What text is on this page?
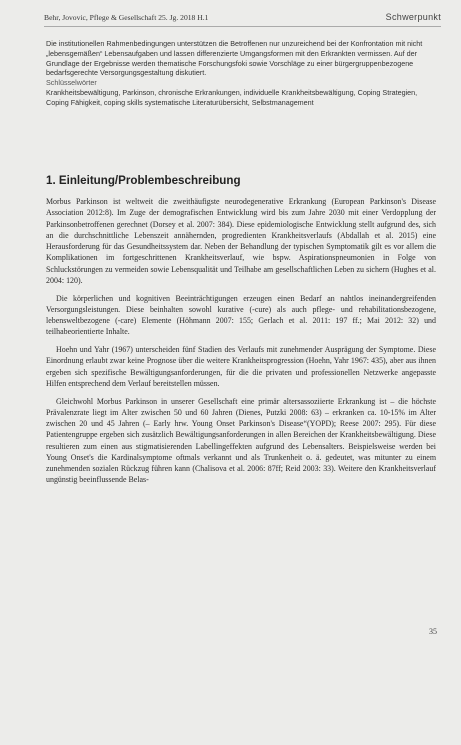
Behr, Jovovic, Pflege & Gesellschaft 25. Jg. 2018 H.1	Schwerpunkt

Die institutionellen Rahmenbedingungen unterstützen die Betroffenen nur unzureichend bei der Konfrontation mit nicht „lebensgemäßen“ Lebensaufgaben und lassen differenzierte Umgangsformen mit den Erkrankten vermissen. Auf der Grundlage der Ergebnisse werden thematische Forschungsfoki sowie Vorschläge zu einer bürgergruppenbezogene bedarfsgerechte Versorgungsgestaltung diskutiert.

Schlüsselwörter

Krankheitsbewältigung, Parkinson, chronische Erkrankungen, individuelle Krankheitsbewältigung, Coping Strategien, Coping Fähigkeit, coping skills systematische Literaturübersicht, Selbstmanagement

1. Einleitung/Problembeschreibung

Morbus Parkinson ist weltweit die zweithäufigste neurodegenerative Erkrankung (European Parkinson's Disease Association 2012:8). Im Zuge der demografischen Entwicklung wird bis zum Jahre 2030 mit einer Verdopplung der Parkinsonbetroffenen gerechnet (Dorsey et al. 2007: 384). Diese epidemiologische Entwicklung stellt aufgrund des, sich an die durchschnittliche Lebenszeit annähernden, progredienten Krankheitsverlaufs (Abdallah et al. 2015) eine Herausforderung für das Gesundheitssystem dar. Neben der Behandlung der typischen Symptomatik gilt es vor allem die Komplikationen im fortgeschrittenen Krankheitsverlauf, wie bspw. Aspirationspneumonien in Folge von Schluckstörungen zu vermeiden sowie Lebensqualität und Teilhabe am gesellschaftlichen Leben zu sichern (Hughes et al. 2004: 120).

Die körperlichen und kognitiven Beeinträchtigungen erzeugen einen Bedarf an nahtlos ineinandergreifenden Versorgungsleistungen. Diese beinhalten sowohl kurative (-cure) als auch pflege- und rehabilitationsbezogene, lebensweltbezogene (-care) Elemente (Höhmann 2007: 155; Gerlach et al. 2011: 197 ff.; Mai 2012: 32) und teilhabeorientierte Inhalte.

Hoehn und Yahr (1967) unterscheiden fünf Stadien des Verlaufs mit zunehmender Ausprägung der Symptome. Diese Einordnung erlaubt zwar keine Prognose über die weitere Krankheitsprogression (Hoehn, Yahr 1967: 435), aber aus ihnen ergeben sich spezifische Bewältigungsanforderungen, für die die privaten und professionellen Netzwerke angepasste Hilfen entsprechend dem Verlauf bereitstellen müssen.

Gleichwohl Morbus Parkinson in unserer Gesellschaft eine primär altersassoziierte Erkrankung ist – die höchste Prävalenzrate liegt im Alter zwischen 50 und 60 Jahren (Dienes, Putzki 2008: 63) – erkranken ca. 10-15% im Alter zwischen 20 und 45 Jahren (– Early hrw. Young Onset Parkinson's Disease“(YOPD); Reese 2007: 295). Für diese Patientengruppe ergeben sich zusätzlich Bewältigungsanforderungen in allen Bereichen der Krankheitsbewältigung. Diese resultieren zum einen aus stigmatisierenden Labellingeffekten aufgrund des Lebensalters. Beispielsweise werden bei Young Onset's die Kardinalsymptome oftmals verkannt und als Trunkenheit o. ä. gedeutet, was mitunter zu einem zunehmenden sozialen Rückzug führen kann (Chalisova et al. 2006: 87ff; Reid 2003: 33). Weitere den Krankheitsverlauf ungünstig beeinflussende Belas-

35
